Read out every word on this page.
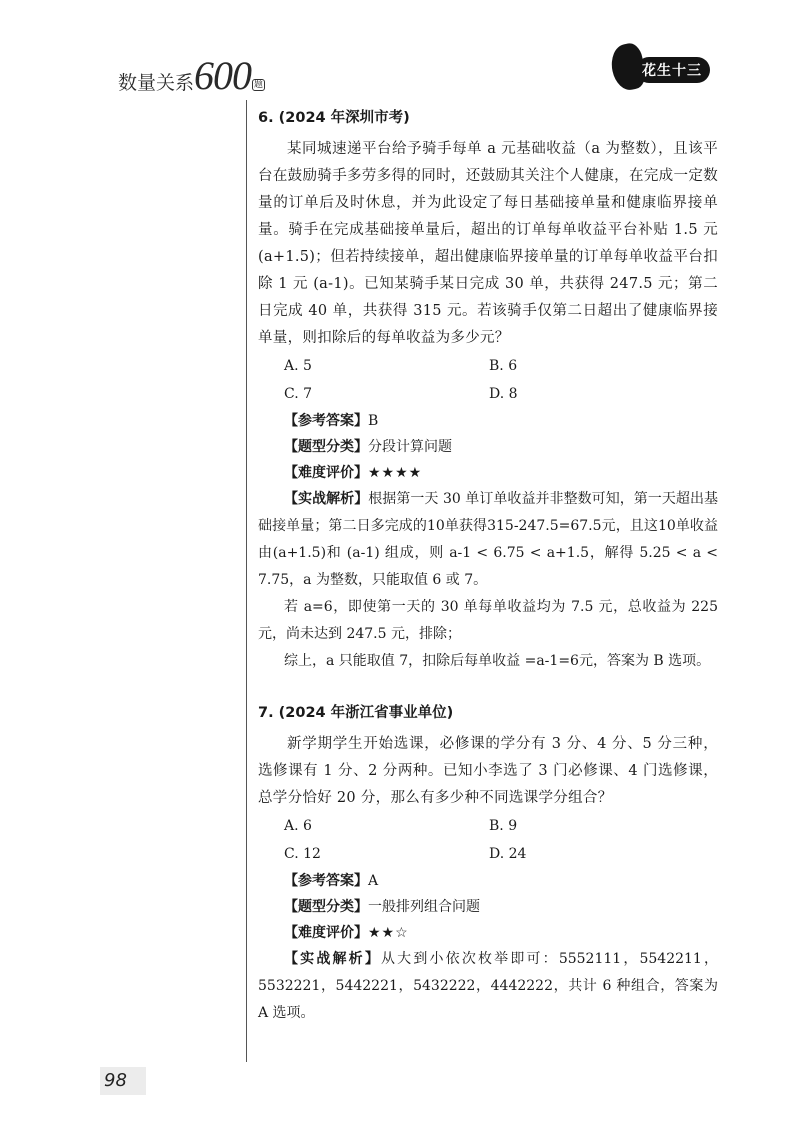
数量关系600 题
花生十三
6. (2024 年深圳市考)

某同城速递平台给予骑手每单 a 元基础收益（a 为整数），且该平台在鼓励骑手多劳多得的同时，还鼓励其关注个人健康，在完成一定数量的订单后及时休息，并为此设定了每日基础接单量和健康临界接单量。骑手在完成基础接单量后，超出的订单每单收益平台补贴 1.5 元 (a+1.5)；但若持续接单，超出健康临界接单量的订单每单收益平台扣除 1 元 (a-1)。已知某骑手某日完成 30 单，共获得 247.5 元；第二日完成 40 单，共获得 315 元。若该骑手仅第二日超出了健康临界接单量，则扣除后的每单收益为多少元？

A. 5	B. 6
C. 7	D. 8

【参考答案】B

【题型分类】分段计算问题

【难度评价】★★★★

【实战解析】根据第一天 30 单订单收益并非整数可知，第一天超出基础接单量；第二日多完成的10单获得315-247.5=67.5元，且这10单收益由(a+1.5)和 (a-1) 组成，则 a-1 < 6.75 < a+1.5，解得 5.25 < a < 7.75，a 为整数，只能取值 6 或 7。

若 a=6，即使第一天的 30 单每单收益均为 7.5 元，总收益为 225 元，尚未达到 247.5 元，排除；

综上，a 只能取值 7，扣除后每单收益 =a-1=6元，答案为 B 选项。

7. (2024 年浙江省事业单位)

新学期学生开始选课，必修课的学分有 3 分、4 分、5 分三种，选修课有 1 分、2 分两种。已知小李选了 3 门必修课、4 门选修课，总学分恰好 20 分，那么有多少种不同选课学分组合？

A. 6	B. 9
C. 12	D. 24

【参考答案】A

【题型分类】一般排列组合问题

【难度评价】★★☆

【实战解析】从大到小依次枚举即可：5552111，5542211，5532221，5442221，5432222，4442222，共计 6 种组合，答案为 A 选项。

98
